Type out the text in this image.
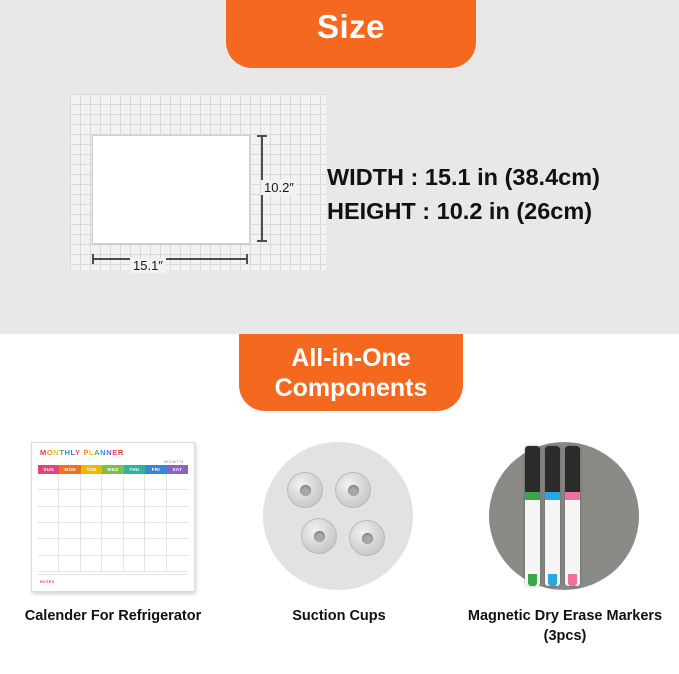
Size
10.2″
15.1″
WIDTH : 15.1 in (38.4cm)
HEIGHT : 10.2 in (26cm)
All-in-One
Components
MONTHLY PLANNER
MONTH
SUN	MON	TUE	WED	THU	FRI	SAT
NOTES
Calender For Refrigerator	Suction Cups	Magnetic Dry Erase Markers (3pcs)
